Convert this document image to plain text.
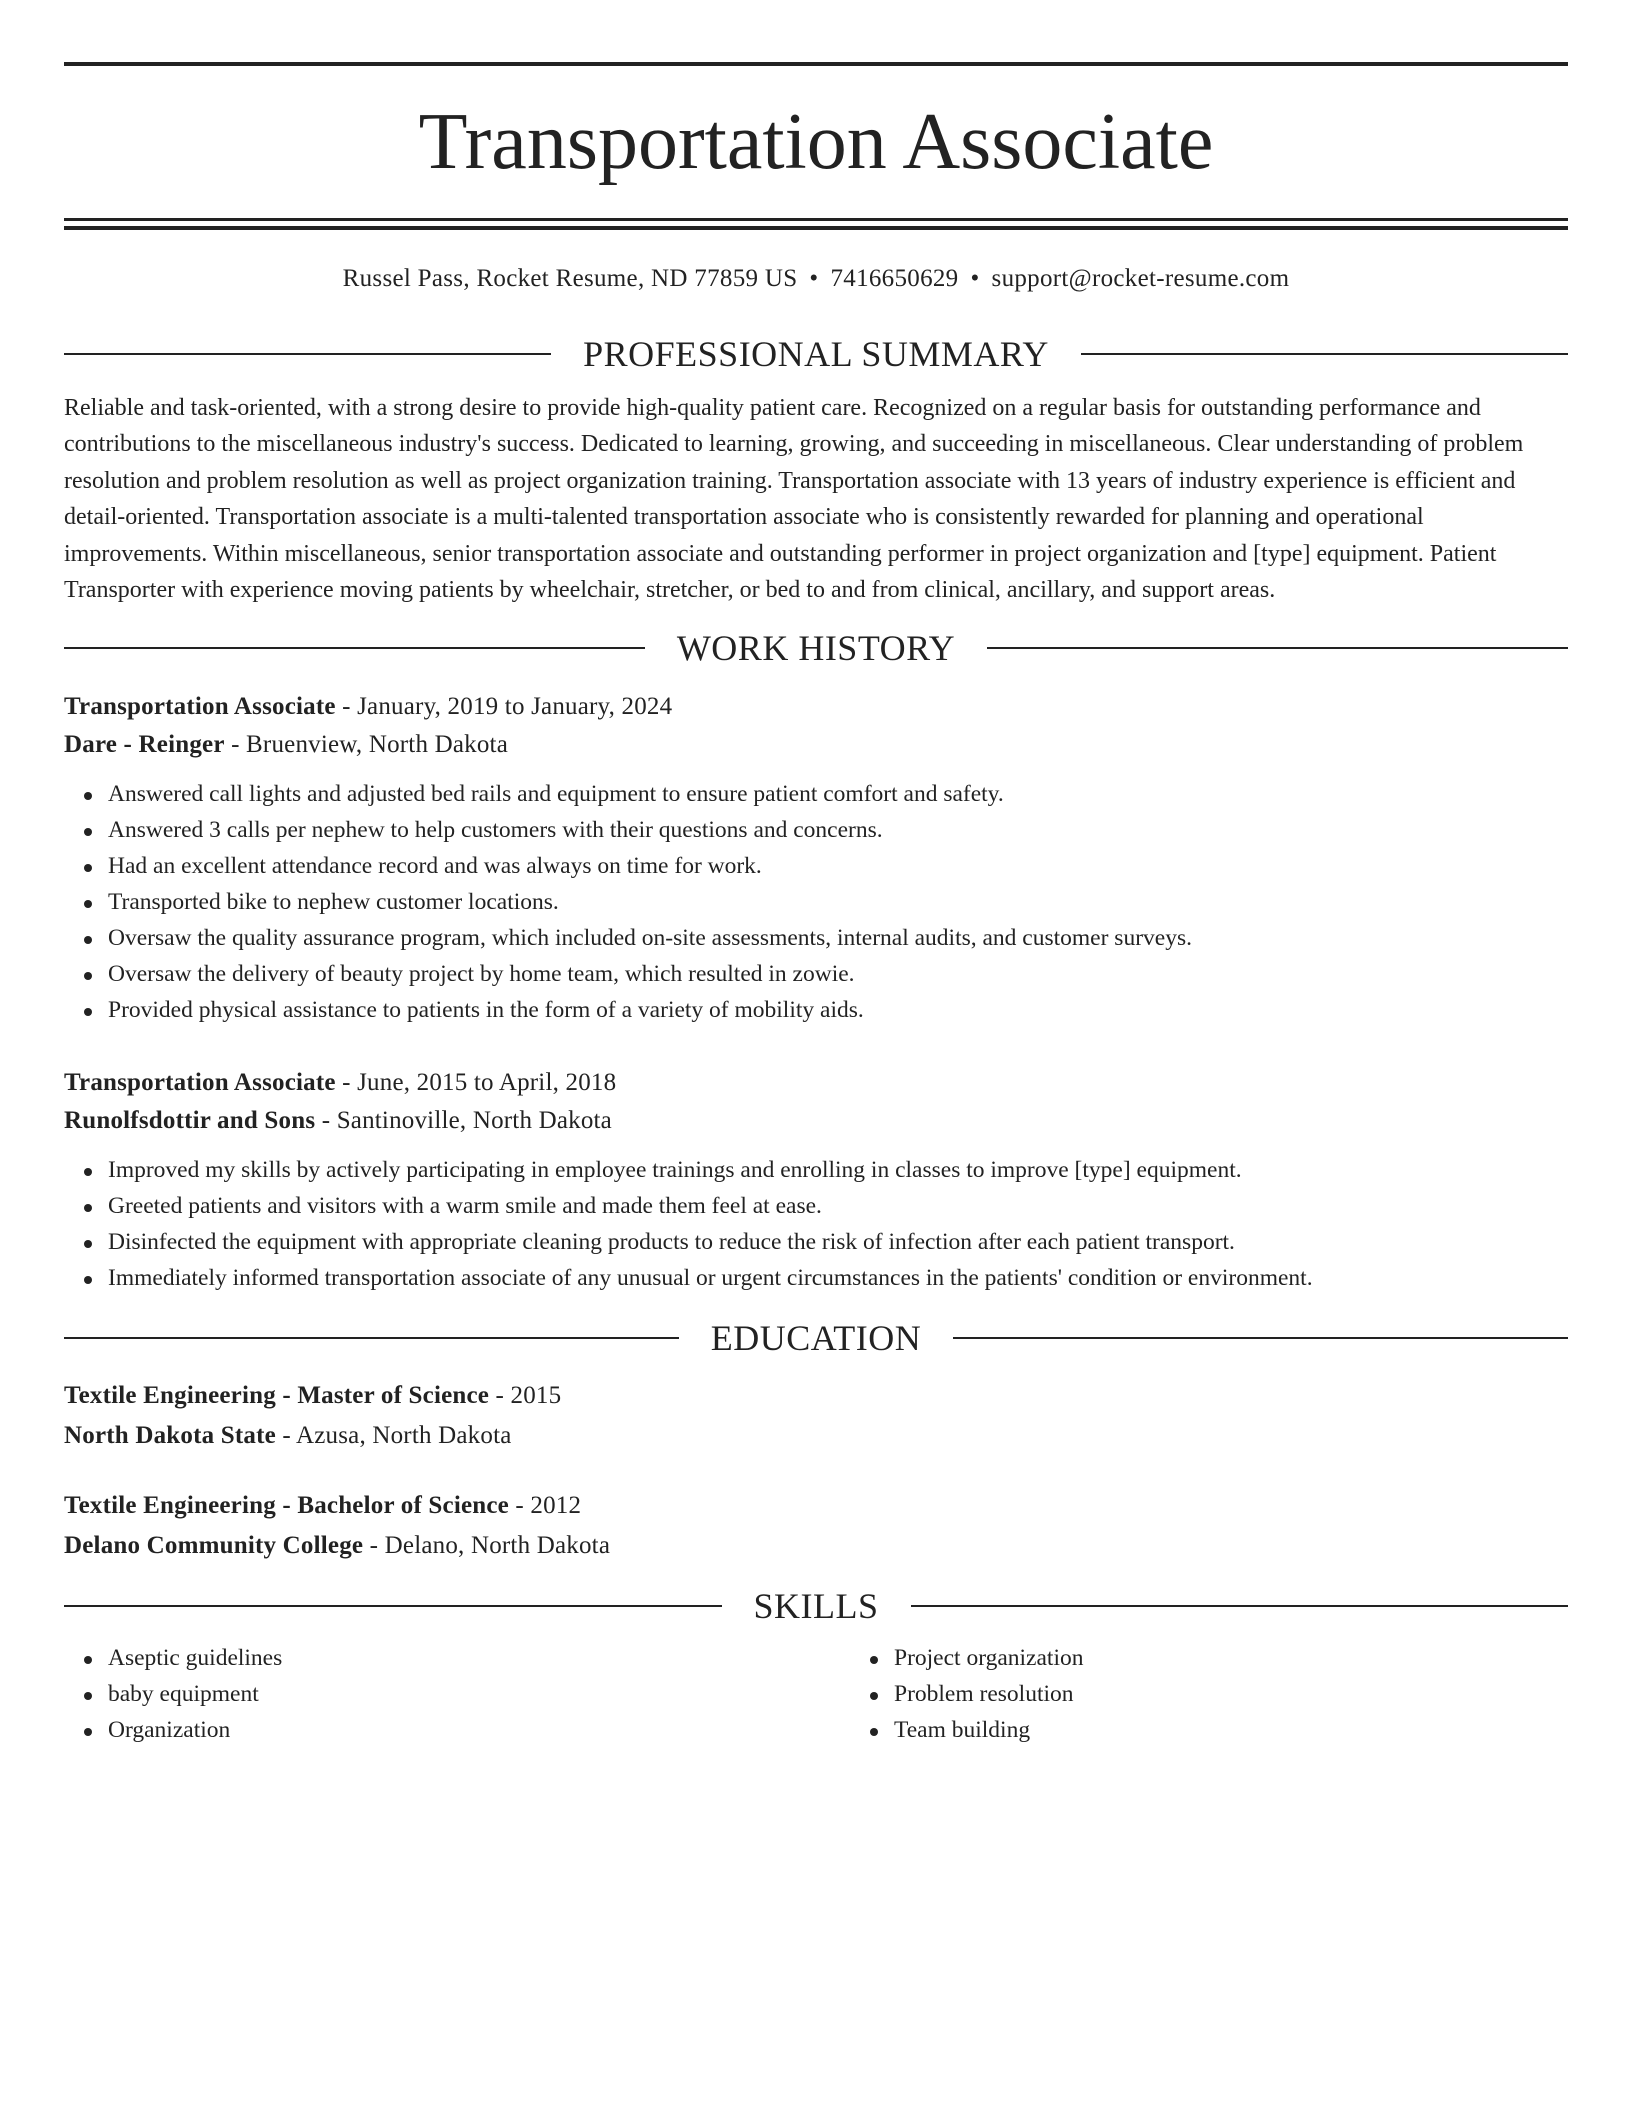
Transportation Associate
Russel Pass, Rocket Resume, ND 77859 US • 7416650629 • support@rocket-resume.com
PROFESSIONAL SUMMARY

Reliable and task-oriented, with a strong desire to provide high-quality patient care. Recognized on a regular basis for outstanding performance and contributions to the miscellaneous industry's success. Dedicated to learning, growing, and succeeding in miscellaneous. Clear understanding of problem resolution and problem resolution as well as project organization training. Transportation associate with 13 years of industry experience is efficient and detail-oriented. Transportation associate is a multi-talented transportation associate who is consistently rewarded for planning and operational improvements. Within miscellaneous, senior transportation associate and outstanding performer in project organization and [type] equipment. Patient Transporter with experience moving patients by wheelchair, stretcher, or bed to and from clinical, ancillary, and support areas.

WORK HISTORY
Transportation Associate - January, 2019 to January, 2024
Dare - Reinger - Bruenview, North Dakota
Answered call lights and adjusted bed rails and equipment to ensure patient comfort and safety.
Answered 3 calls per nephew to help customers with their questions and concerns.
Had an excellent attendance record and was always on time for work.
Transported bike to nephew customer locations.
Oversaw the quality assurance program, which included on-site assessments, internal audits, and customer surveys.
Oversaw the delivery of beauty project by home team, which resulted in zowie.
Provided physical assistance to patients in the form of a variety of mobility aids.
Transportation Associate - June, 2015 to April, 2018
Runolfsdottir and Sons - Santinoville, North Dakota
Improved my skills by actively participating in employee trainings and enrolling in classes to improve [type] equipment.
Greeted patients and visitors with a warm smile and made them feel at ease.
Disinfected the equipment with appropriate cleaning products to reduce the risk of infection after each patient transport.
Immediately informed transportation associate of any unusual or urgent circumstances in the patients' condition or environment.
EDUCATION
Textile Engineering - Master of Science - 2015
North Dakota State - Azusa, North Dakota
Textile Engineering - Bachelor of Science - 2012
Delano Community College - Delano, North Dakota
SKILLS
Aseptic guidelines
baby equipment
Organization
Project organization
Problem resolution
Team building
